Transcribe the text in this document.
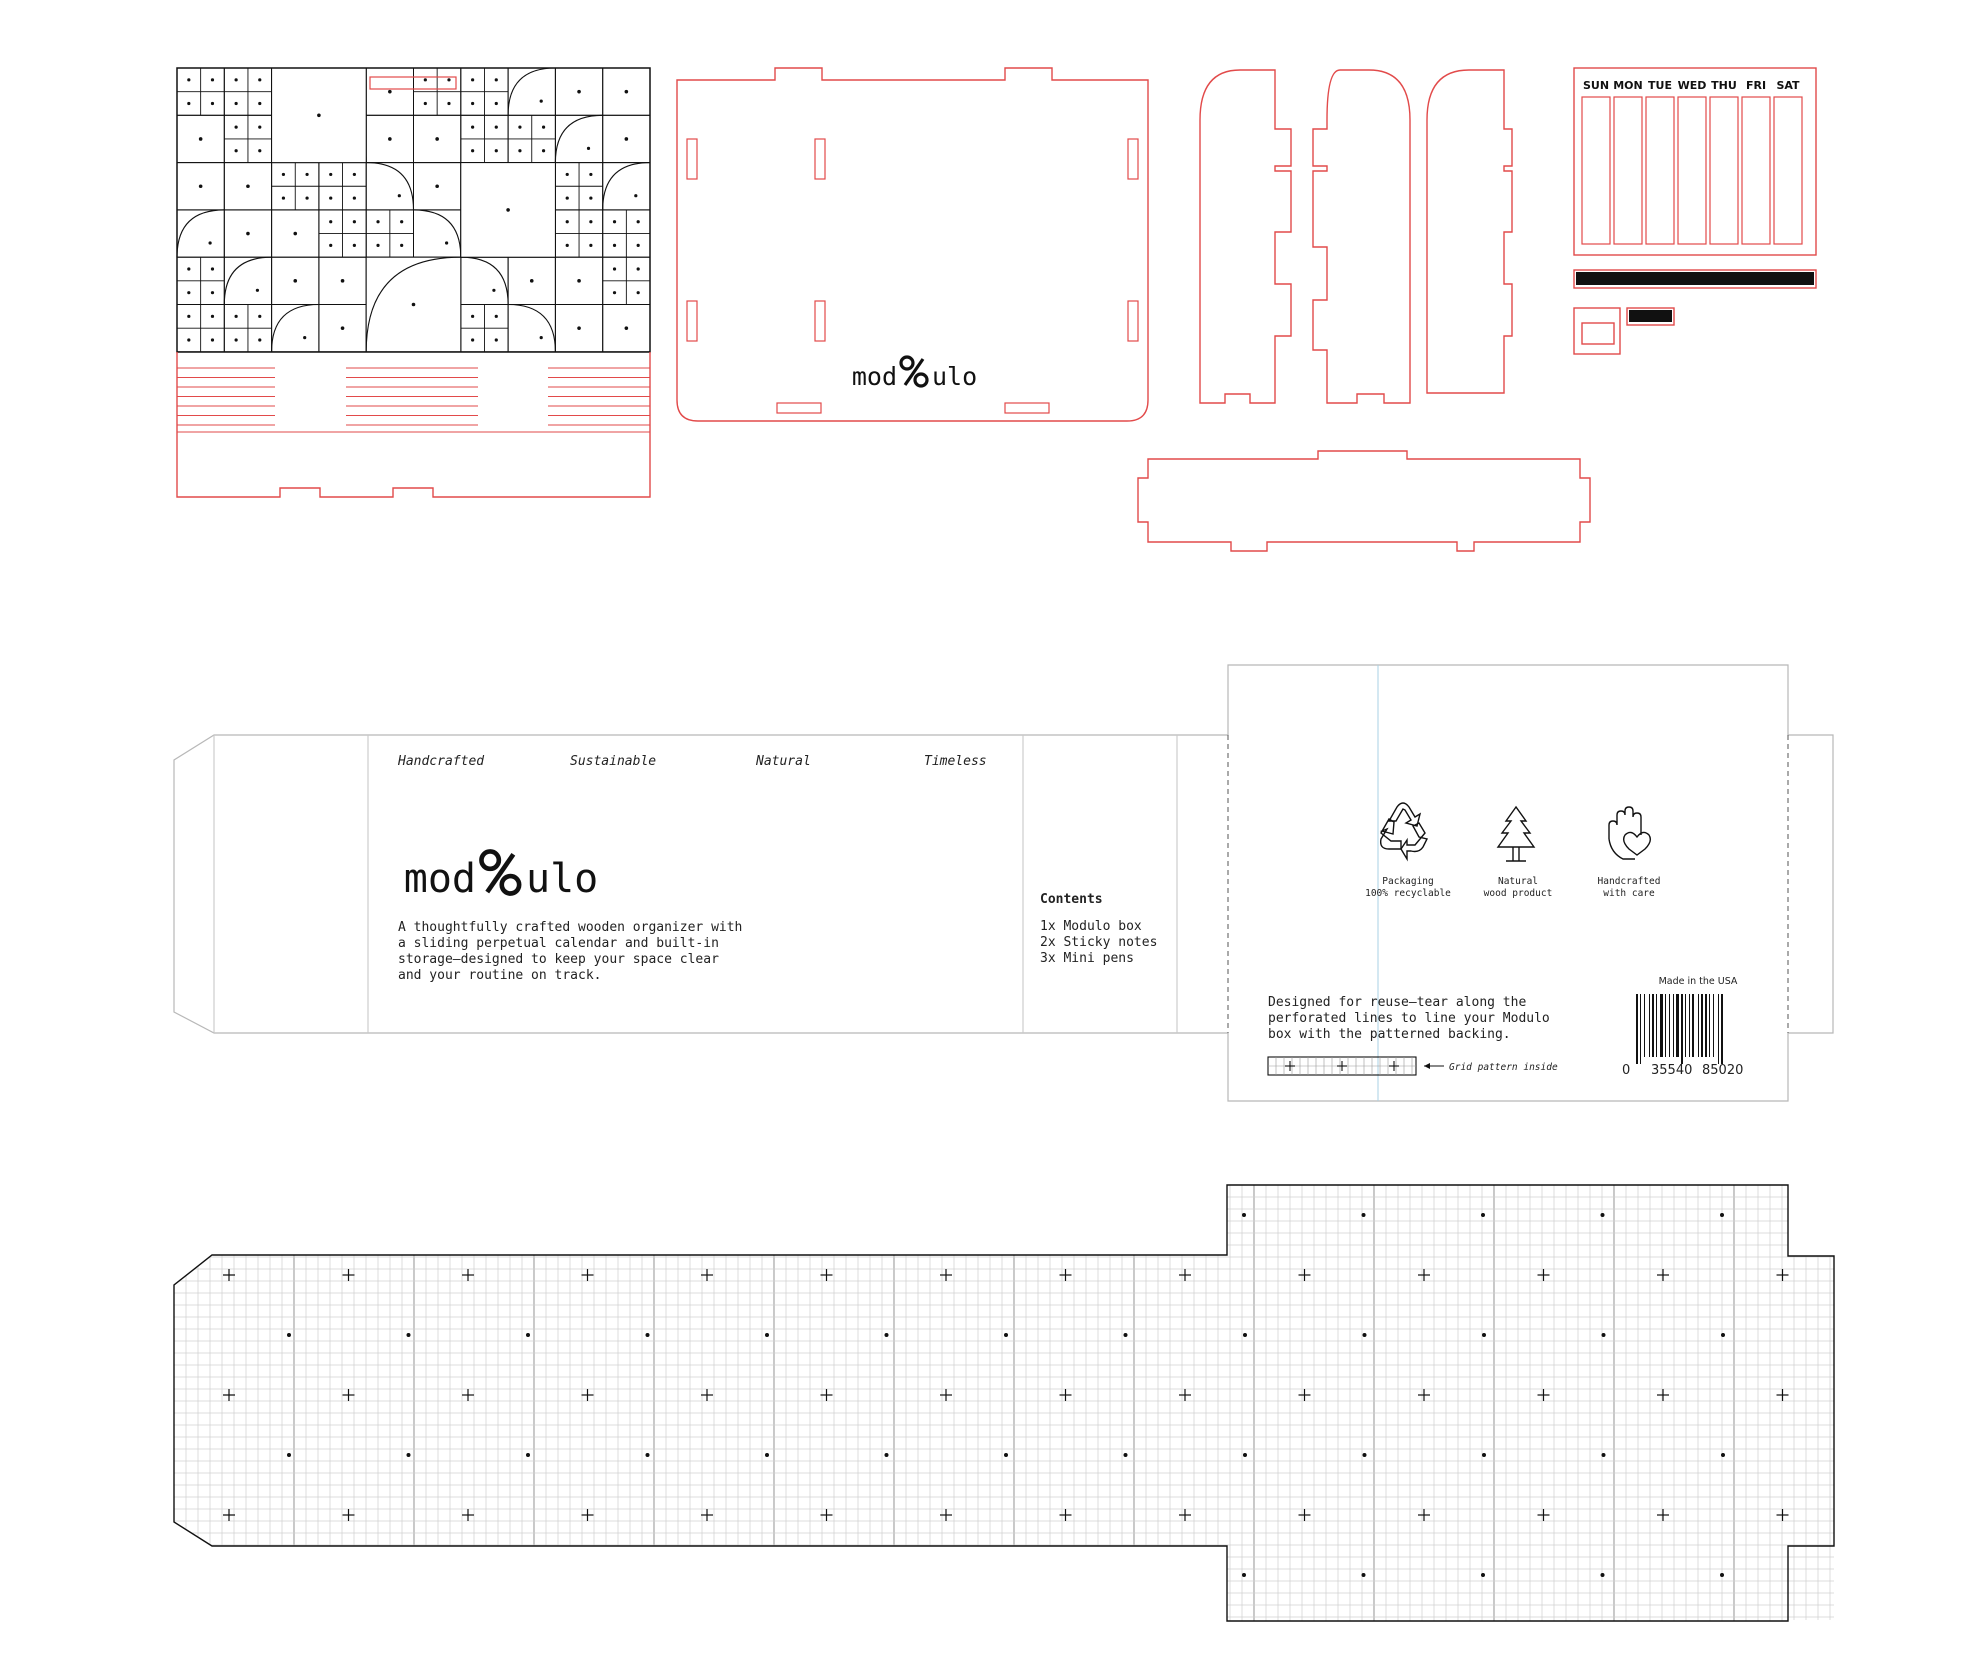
mod ulo
SUN MON TUE WED THU FRI SAT
Handcrafted	Sustainable	Natural	Timeless
mod ulo
A thoughtfully crafted wooden organizer with
a sliding perpetual calendar and built-in
storage—designed to keep your space clear
and your routine on track.
Contents
1x Modulo box
2x Sticky notes
3x Mini pens
Packaging
100% recyclable
Natural
wood product
Handcrafted
with care
Designed for reuse—tear along the
perforated lines to line your Modulo
box with the patterned backing.
Grid pattern inside
Made in the USA
0 35540 85020
